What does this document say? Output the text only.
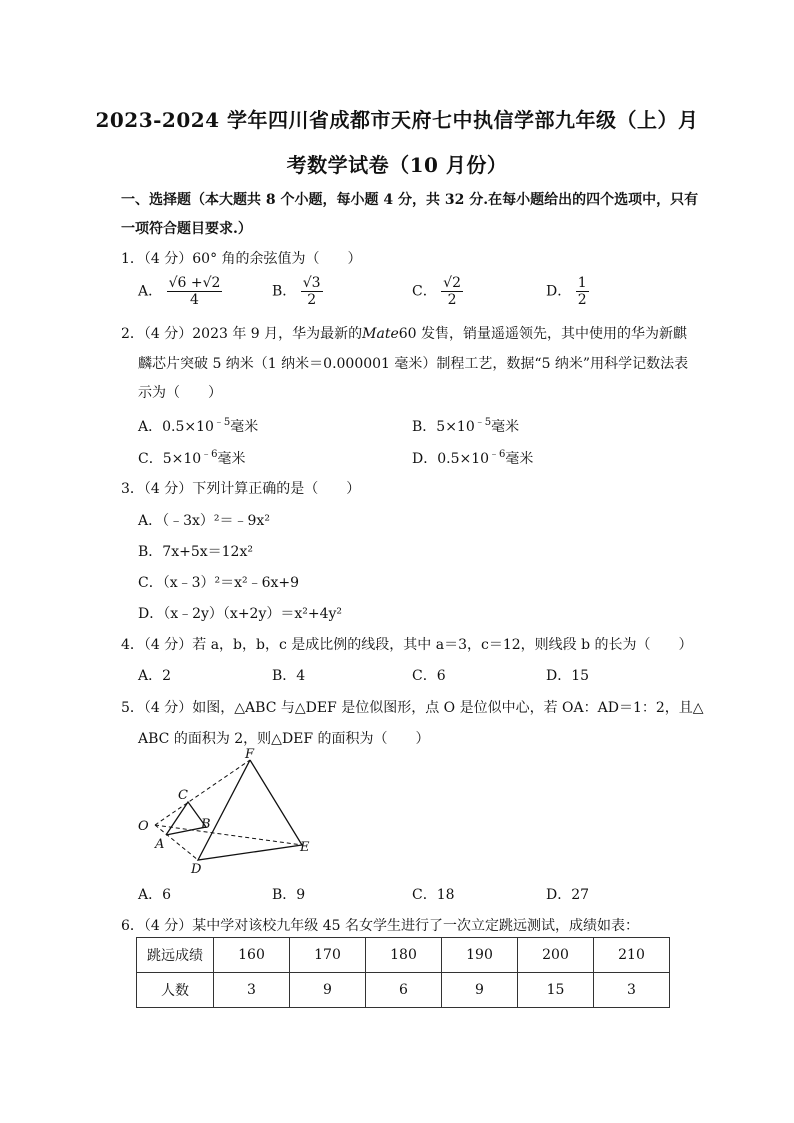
2023-2024 学年四川省成都市天府七中执信学部九年级（上）月
考数学试卷（10 月份）
一、选择题（本大题共 8 个小题，每小题 4 分，共 32 分.在每小题给出的四个选项中，只有
一项符合题目要求.）
1．（4 分）60° 角的余弦值为（　　）
A． $\frac{√6 +√2}{4}$	B． $\frac{√3}{2}$	C． $\frac{√2}{2}$	D． $\frac{1}{2}$
2．（4 分）2023 年 9 月，华为最新的Mate60 发售，销量遥遥领先，其中使用的华为新麒
麟芯片突破 5 纳米（1 纳米＝0.000001 毫米）制程工艺，数据“5 纳米”用科学记数法表
示为（　　）
A．$0.5\times 10^{﹣5}$毫米	B．$5\times 10^{﹣5}$毫米
C．$5\times 10^{﹣6}$毫米	D．$0.5\times 10^{﹣6}$毫米
3．（4 分）下列计算正确的是（　　）
A．（﹣3x）²＝﹣9x²
B．7x+5x＝12x²
C．（x﹣3）²＝x²﹣6x+9
D．（x﹣2y）（x+2y）＝x²+4y²
4．（4 分）若 a，b，b，c 是成比例的线段，其中 a＝3，c＝12，则线段 b 的长为（　　）
A．2	B．4	C．6	D．15
5．（4 分）如图，△ABC 与△DEF 是位似图形，点 O 是位似中心，若 OA：AD＝1：2，且△
ABC 的面积为 2，则△DEF 的面积为（　　）
F
C
O	B
A	E
D
A．6	B．9	C．18	D．27
6．（4 分）某中学对该校九年级 45 名女学生进行了一次立定跳远测试，成绩如表：
跳远成绩	160	170	180	190	200	210
人数	3	9	6	9	15	3
